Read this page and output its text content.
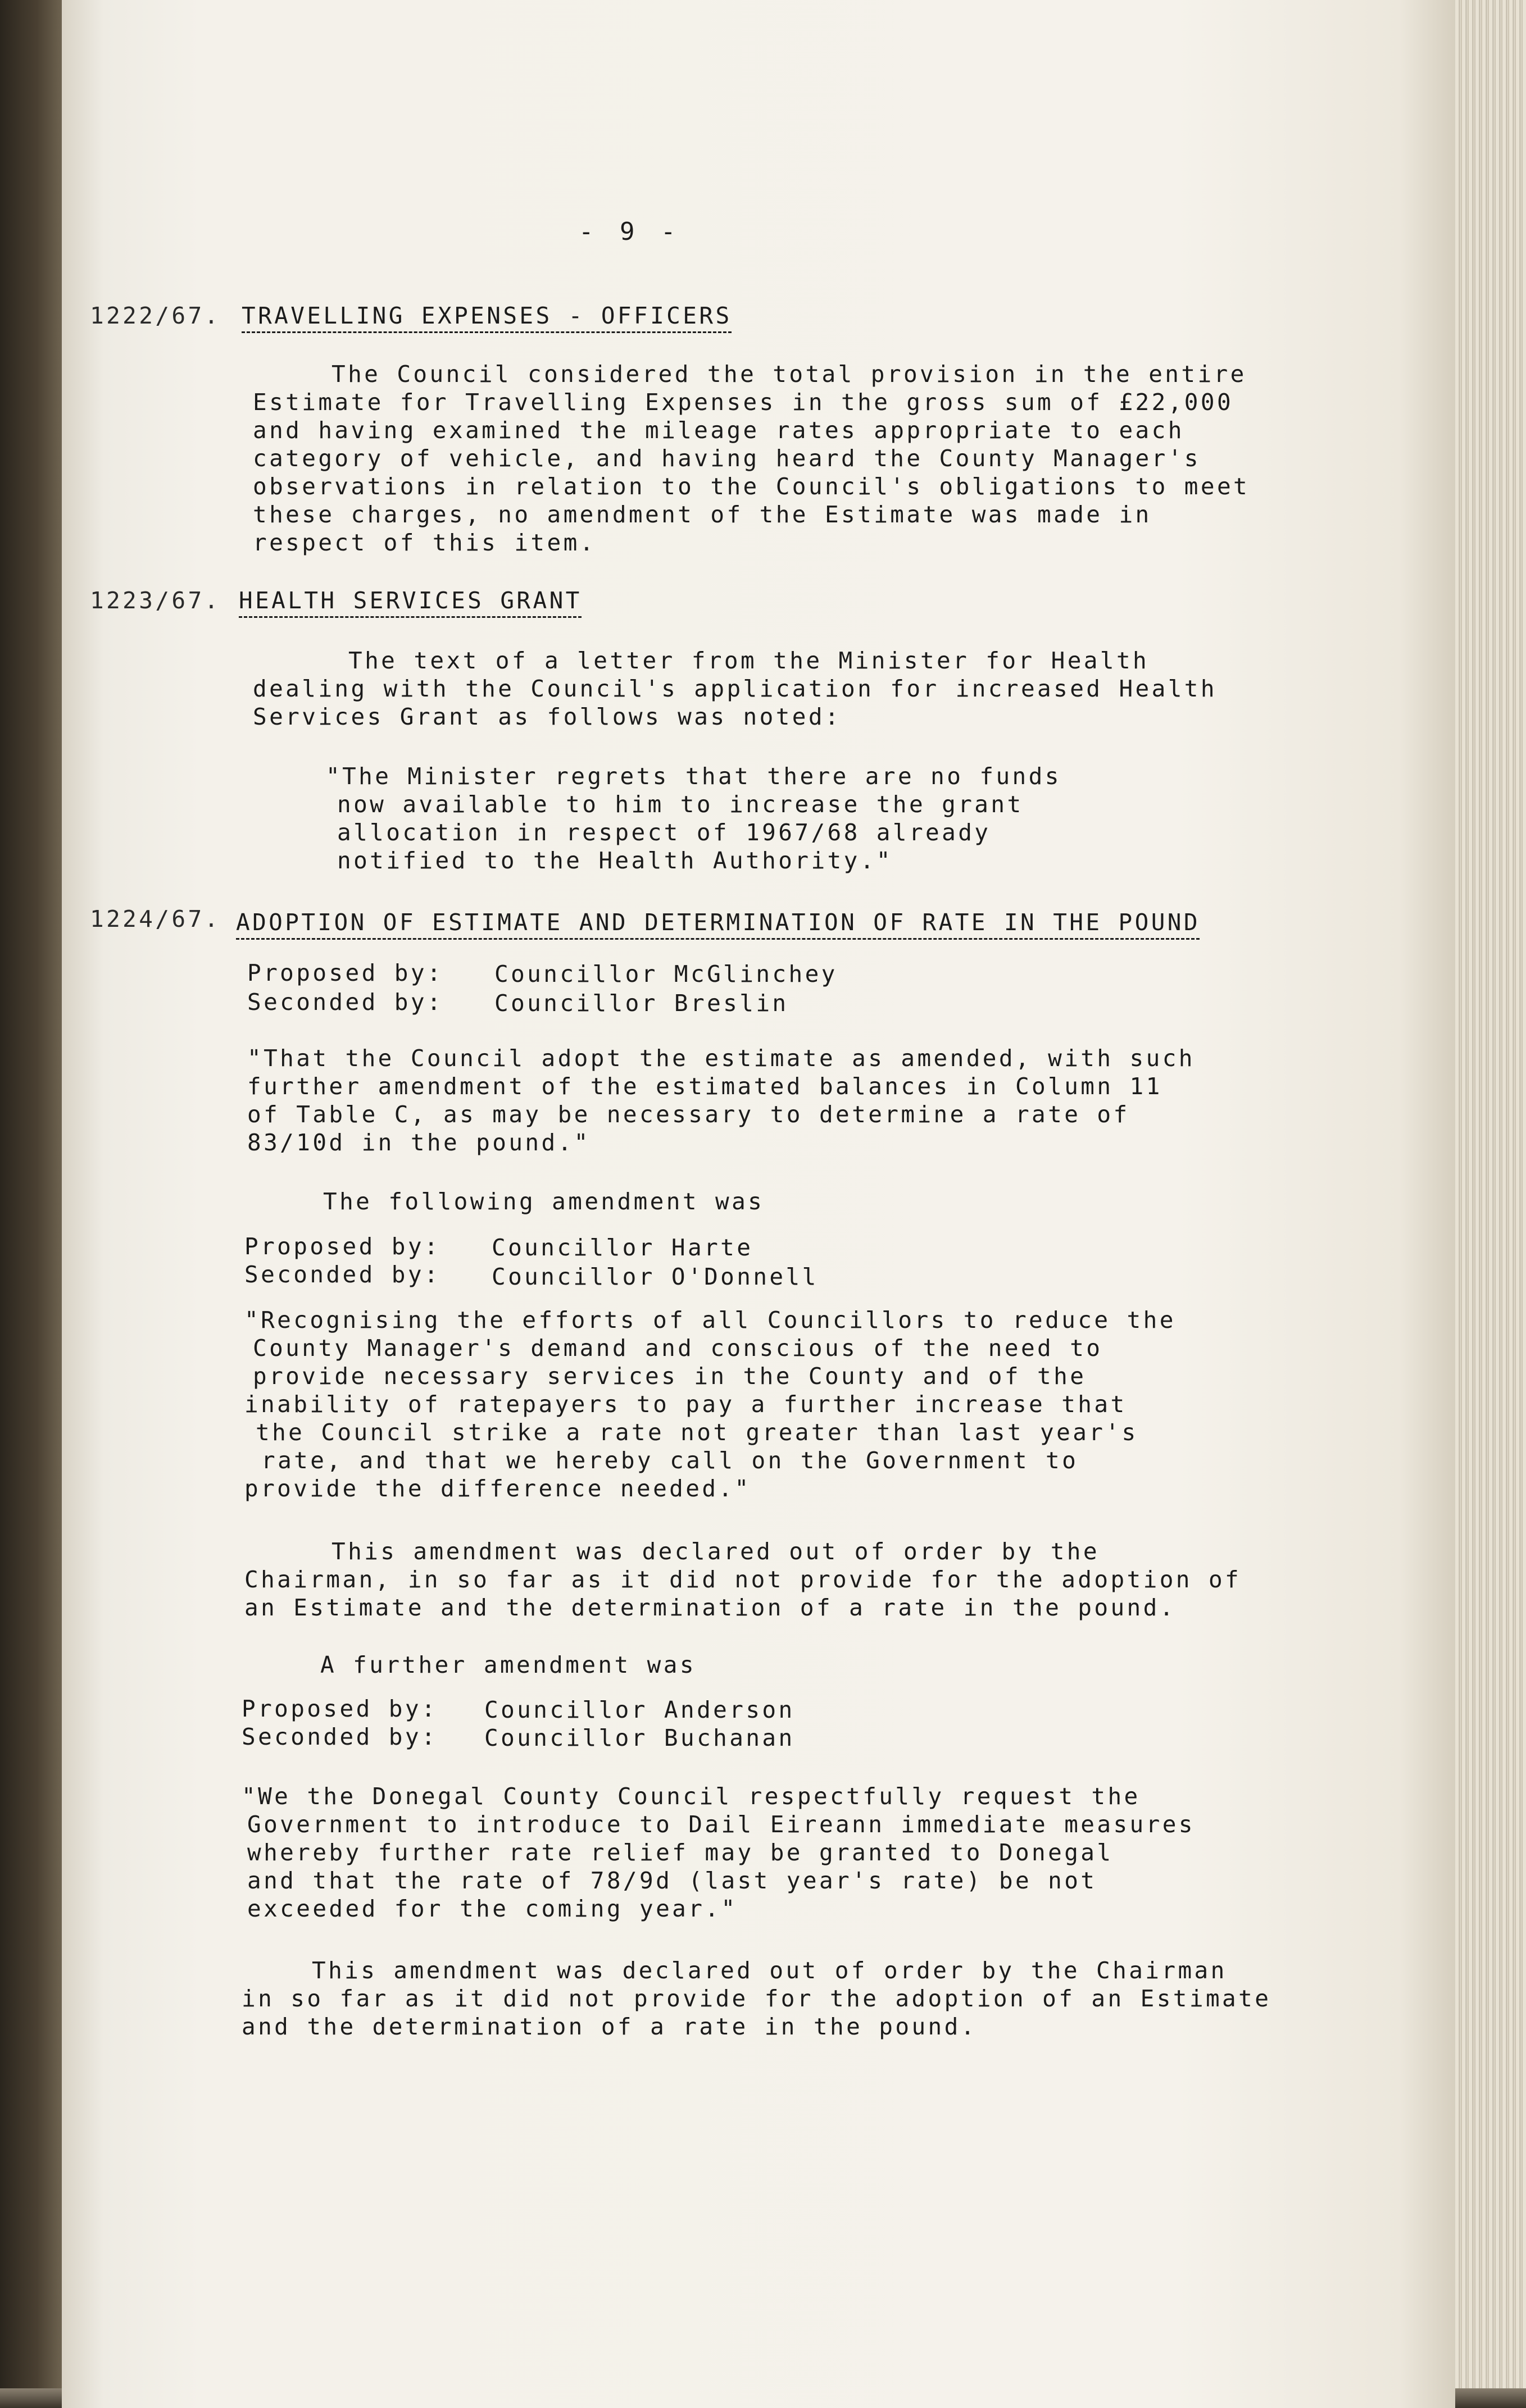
- 9 -
1222/67. TRAVELLING EXPENSES - OFFICERS
The Council considered the total provision in the entire
Estimate for Travelling Expenses in the gross sum of £22,000
and having examined the mileage rates appropriate to each
category of vehicle, and having heard the County Manager's
observations in relation to the Council's obligations to meet
these charges, no amendment of the Estimate was made in
respect of this item.
1223/67. HEALTH SERVICES GRANT
The text of a letter from the Minister for Health
dealing with the Council's application for increased Health
Services Grant as follows was noted:
"The Minister regrets that there are no funds
now available to him to increase the grant
allocation in respect of 1967/68 already
notified to the Health Authority."
1224/67. ADOPTION OF ESTIMATE AND DETERMINATION OF RATE IN THE POUND
Proposed by: Councillor McGlinchey
Seconded by: Councillor Breslin
"That the Council adopt the estimate as amended, with such
further amendment of the estimated balances in Column 11
of Table C, as may be necessary to determine a rate of
83/10d in the pound."
The following amendment was
Proposed by: Councillor Harte
Seconded by: Councillor O'Donnell
"Recognising the efforts of all Councillors to reduce the
County Manager's demand and conscious of the need to
provide necessary services in the County and of the
inability of ratepayers to pay a further increase that
the Council strike a rate not greater than last year's
rate, and that we hereby call on the Government to
provide the difference needed."
This amendment was declared out of order by the
Chairman, in so far as it did not provide for the adoption of
an Estimate and the determination of a rate in the pound.
A further amendment was
Proposed by: Councillor Anderson
Seconded by: Councillor Buchanan
"We the Donegal County Council respectfully request the
Government to introduce to Dail Eireann immediate measures
whereby further rate relief may be granted to Donegal
and that the rate of 78/9d (last year's rate) be not
exceeded for the coming year."
This amendment was declared out of order by the Chairman
in so far as it did not provide for the adoption of an Estimate
and the determination of a rate in the pound.
